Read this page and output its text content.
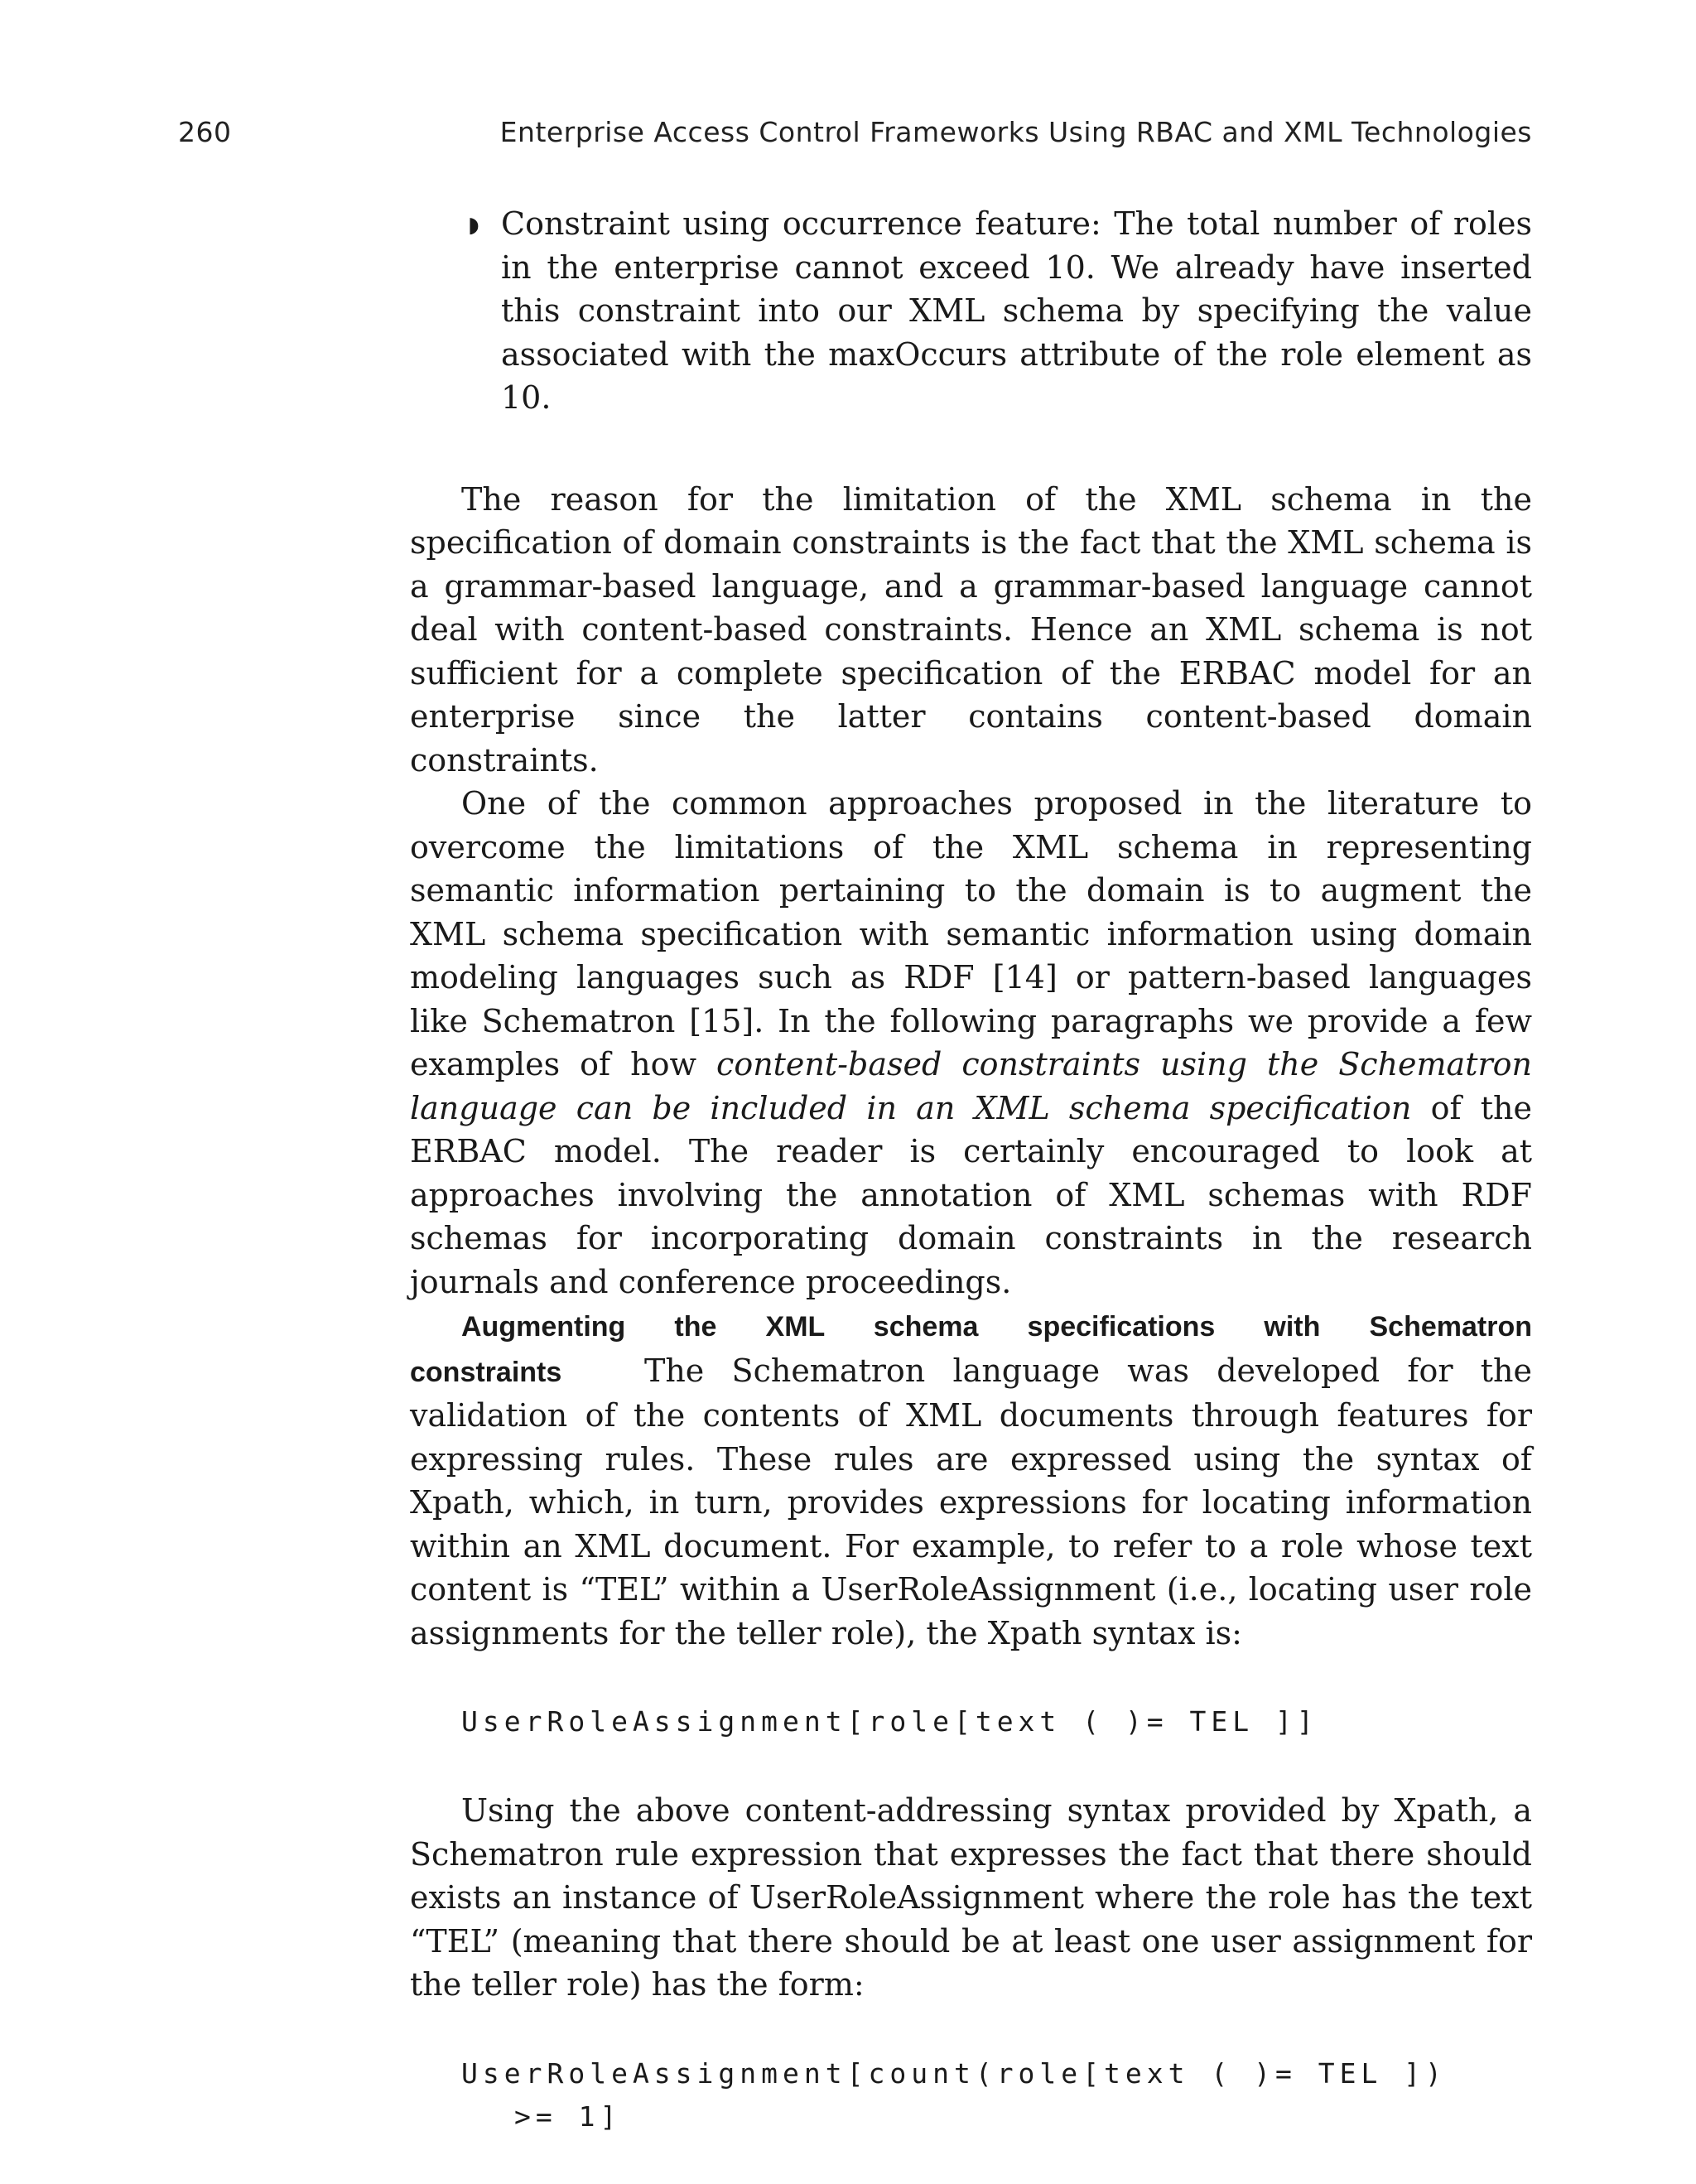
260	Enterprise Access Control Frameworks Using RBAC and XML Technologies
◗ Constraint using occurrence feature: The total number of roles in the enterprise cannot exceed 10. We already have inserted this constraint into our XML schema by specifying the value associated with the maxOccurs attribute of the role element as 10.

The reason for the limitation of the XML schema in the specification of domain constraints is the fact that the XML schema is a grammar-based language, and a grammar-based language cannot deal with content-based constraints. Hence an XML schema is not sufficient for a complete specification of the ERBAC model for an enterprise since the latter contains content-based domain constraints.

One of the common approaches proposed in the literature to overcome the limitations of the XML schema in representing semantic information pertaining to the domain is to augment the XML schema specification with semantic information using domain modeling languages such as RDF [14] or pattern-based languages like Schematron [15]. In the following paragraphs we provide a few examples of how content-based constraints using the Schematron language can be included in an XML schema specification of the ERBAC model. The reader is certainly encouraged to look at approaches involving the annotation of XML schemas with RDF schemas for incorporating domain constraints in the research journals and conference proceedings.

Augmenting the XML schema specifications with Schematron constraints	The Schematron language was developed for the validation of the contents of XML documents through features for expressing rules. These rules are expressed using the syntax of Xpath, which, in turn, provides expressions for locating information within an XML document. For example, to refer to a role whose text content is “TEL” within a UserRoleAssignment (i.e., locating user role assignments for the teller role), the Xpath syntax is:

UserRoleAssignment[role[text ( )= TEL ]]

Using the above content-addressing syntax provided by Xpath, a Schematron rule expression that expresses the fact that there should exists an instance of UserRoleAssignment where the role has the text “TEL” (meaning that there should be at least one user assignment for the teller role) has the form:

UserRoleAssignment[count(role[text ( )= TEL ])
>= 1]
